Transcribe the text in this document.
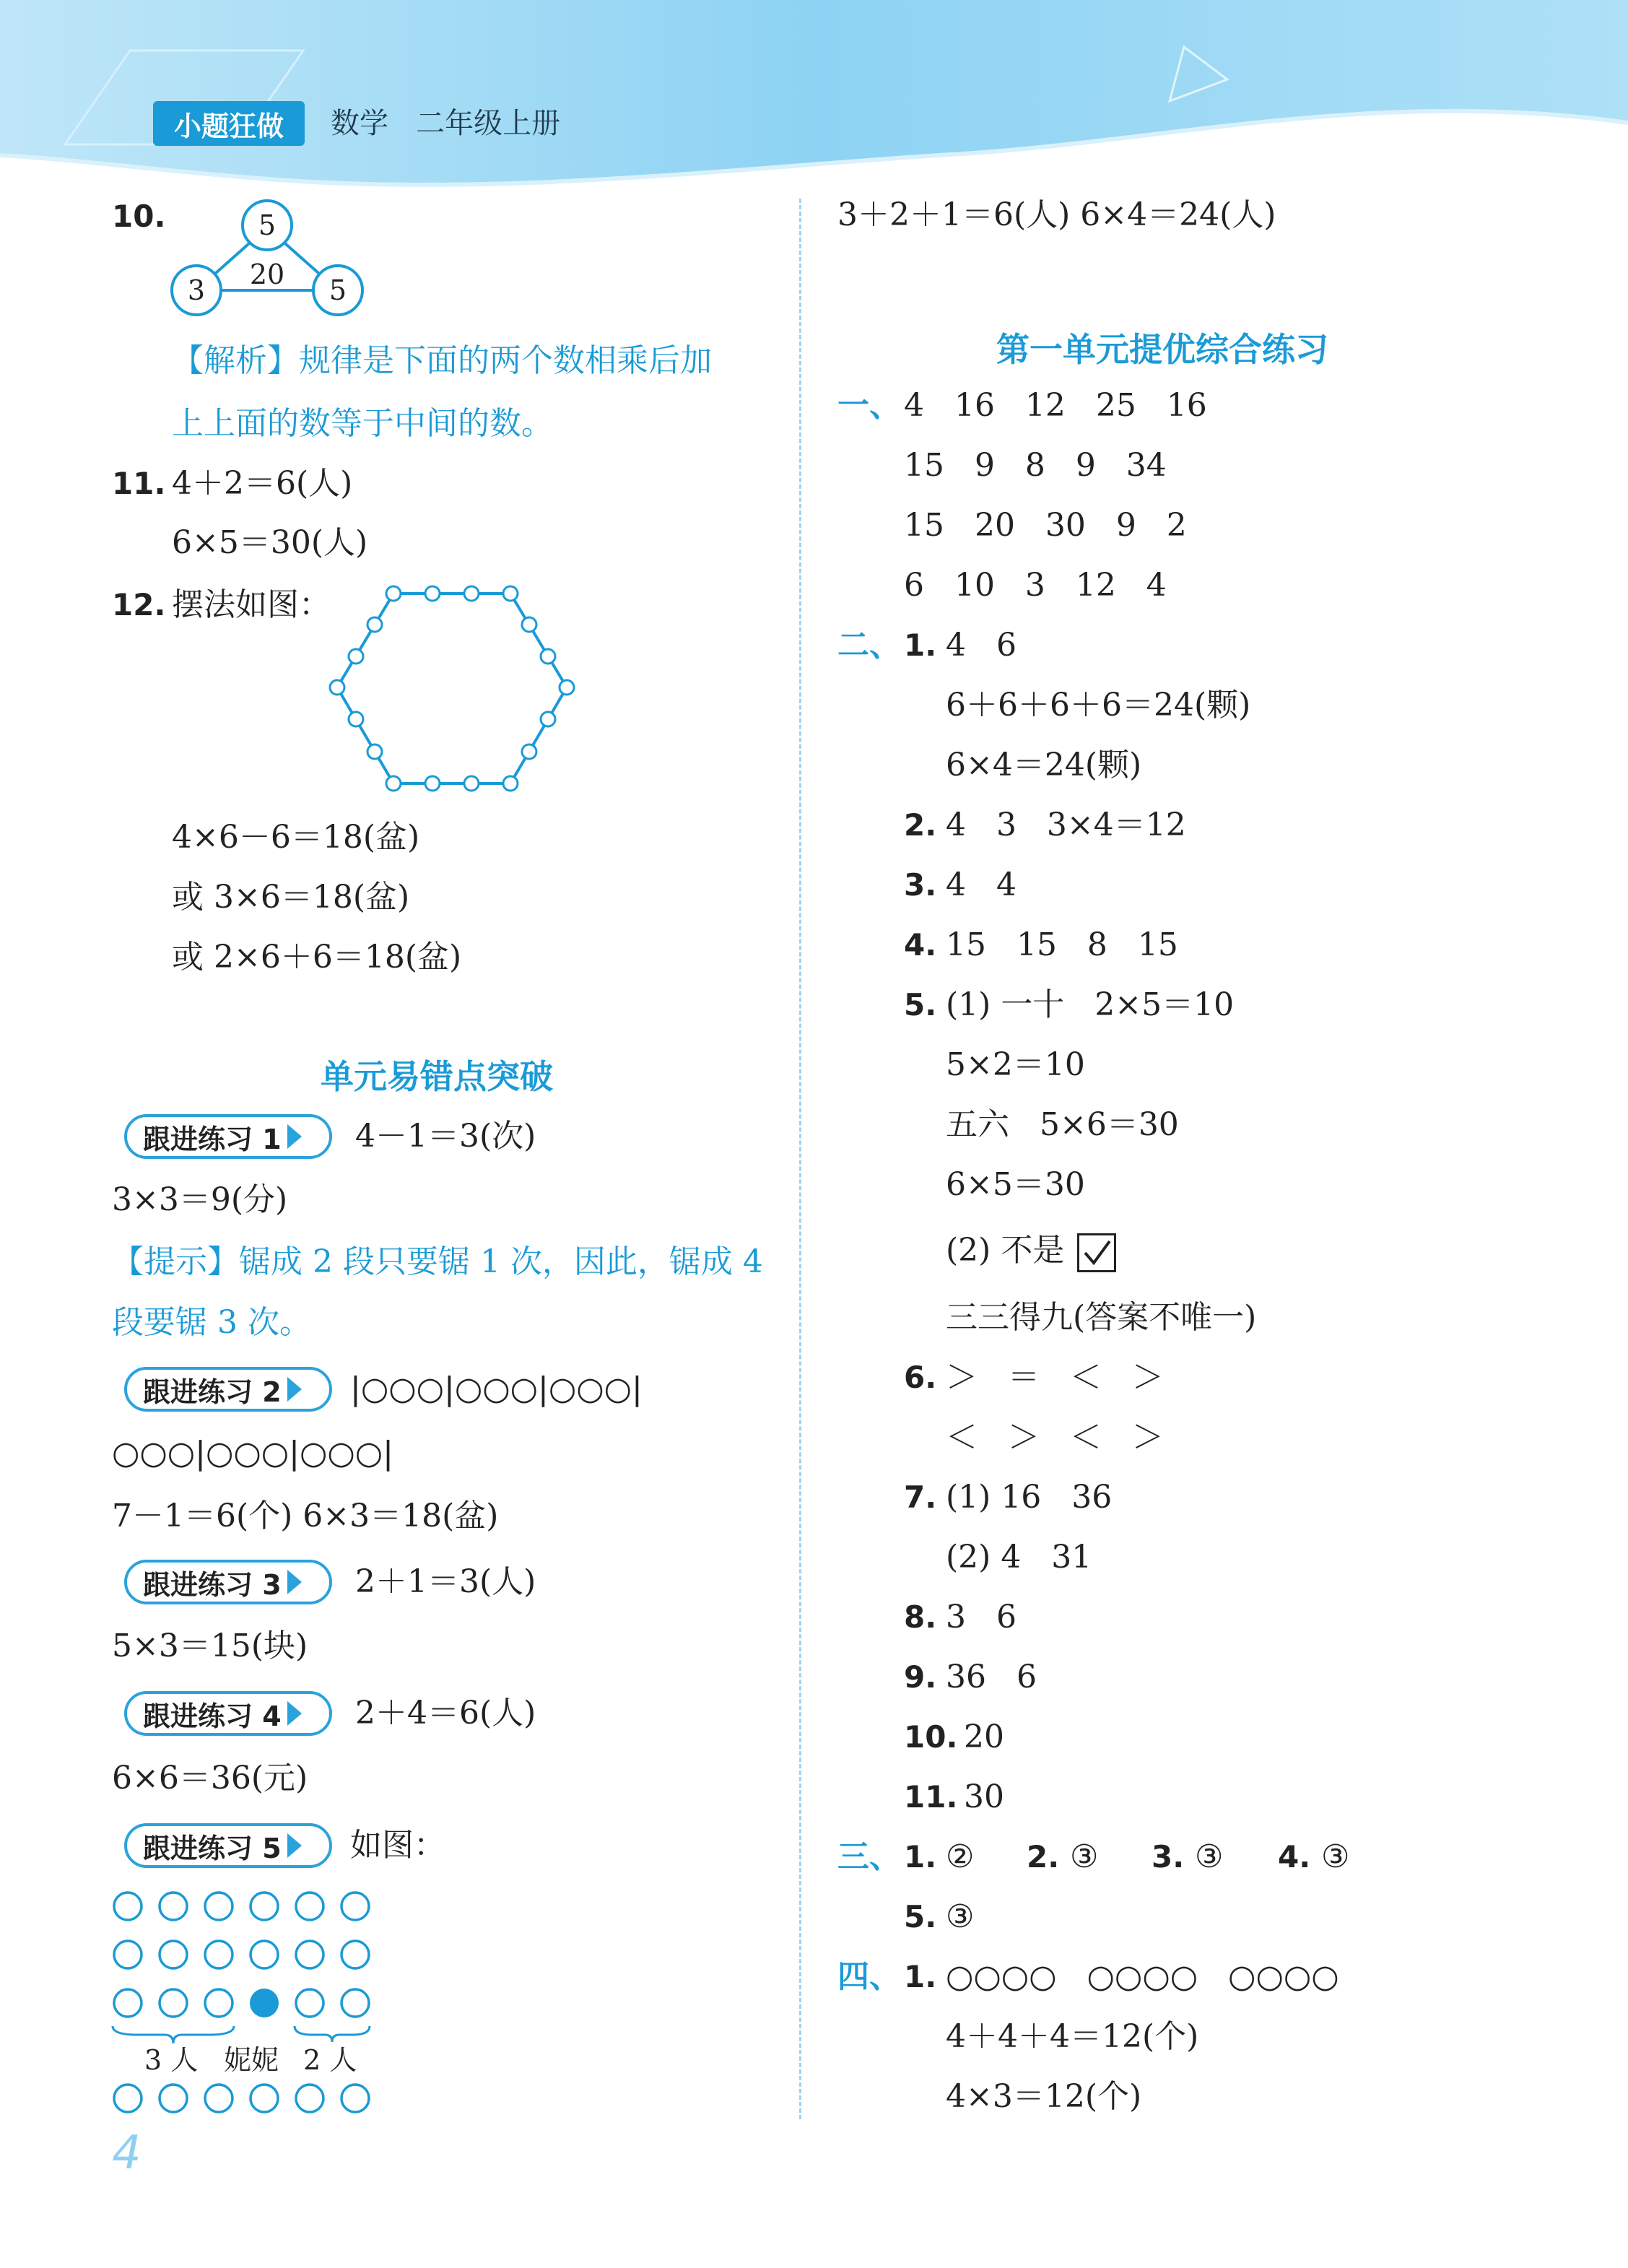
小题狂做	数学 二年级上册
10.	5
3	20	5
【解析】规律是下面的两个数相乘后加
上上面的数等于中间的数。
11. 4＋2＝6(人)
6×5＝30(人)
12. 摆法如图：
4×6－6＝18(盆)
或 3×6＝18(盆)
或 2×6＋6＝18(盆)
单元易错点突破
跟进练习 1 4－1＝3(次)
3×3＝9(分)
【提示】锯成 2 段只要锯 1 次，因此，锯成 4
段要锯 3 次。
跟进练习 2 |○○○|○○○|○○○|
○○○|○○○|○○○|
7－1＝6(个) 6×3＝18(盆)
跟进练习 3 2＋1＝3(人)
5×3＝15(块)
跟进练习 4 2＋4＝6(人)
6×6＝36(元)
跟进练习 5 如图：
3 人 妮妮 2 人
4
3＋2＋1＝6(人) 6×4＝24(人)
第一单元提优综合练习
一、 4   16   12   25   16
15   9   8   9   34
15   20   30   9   2
6   10   3   12   4
二、 1. 4   6
6＋6＋6＋6＝24(颗)
6×4＝24(颗)
2. 4   3   3×4＝12
3. 4   4
4. 15   15   8   15
5. (1) 一十   2×5＝10
5×2＝10
五六   5×6＝30
6×5＝30
(2) 不是
三三得九(答案不唯一)
6. ＞   ＝   ＜   ＞
＜   ＞   ＜   ＞
7. (1) 16   36
(2) 4   31
8. 3   6
9. 36   6
10. 20
11. 30
三、 1. ② 2. ③ 3. ③ 4. ③
5. ③
四、 1. ○○○○   ○○○○   ○○○○
4＋4＋4＝12(个)
4×3＝12(个)
